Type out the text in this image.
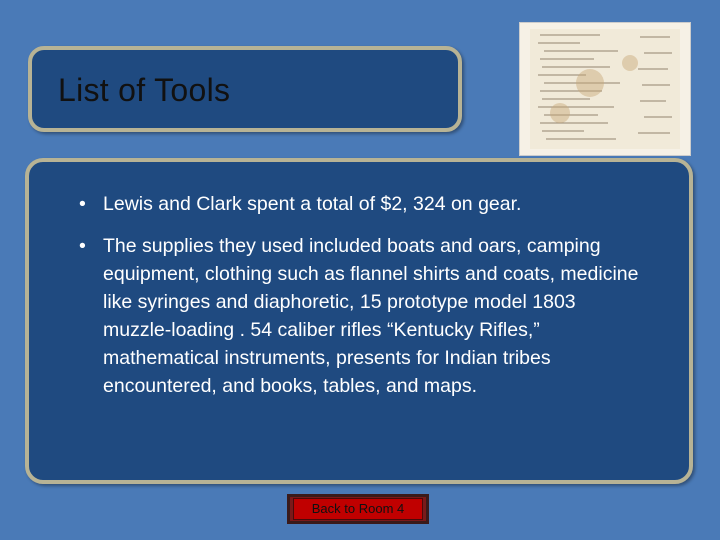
List of Tools
• Lewis and Clark spent a total of $2, 324 on gear.
• The supplies they used included boats and oars, camping equipment, clothing such as flannel shirts and coats, medicine like syringes and diaphoretic, 15 prototype model 1803 muzzle-loading . 54 caliber rifles “Kentucky Rifles,” mathematical instruments, presents for Indian tribes encountered, and books, tables, and maps.
Back to Room 4
